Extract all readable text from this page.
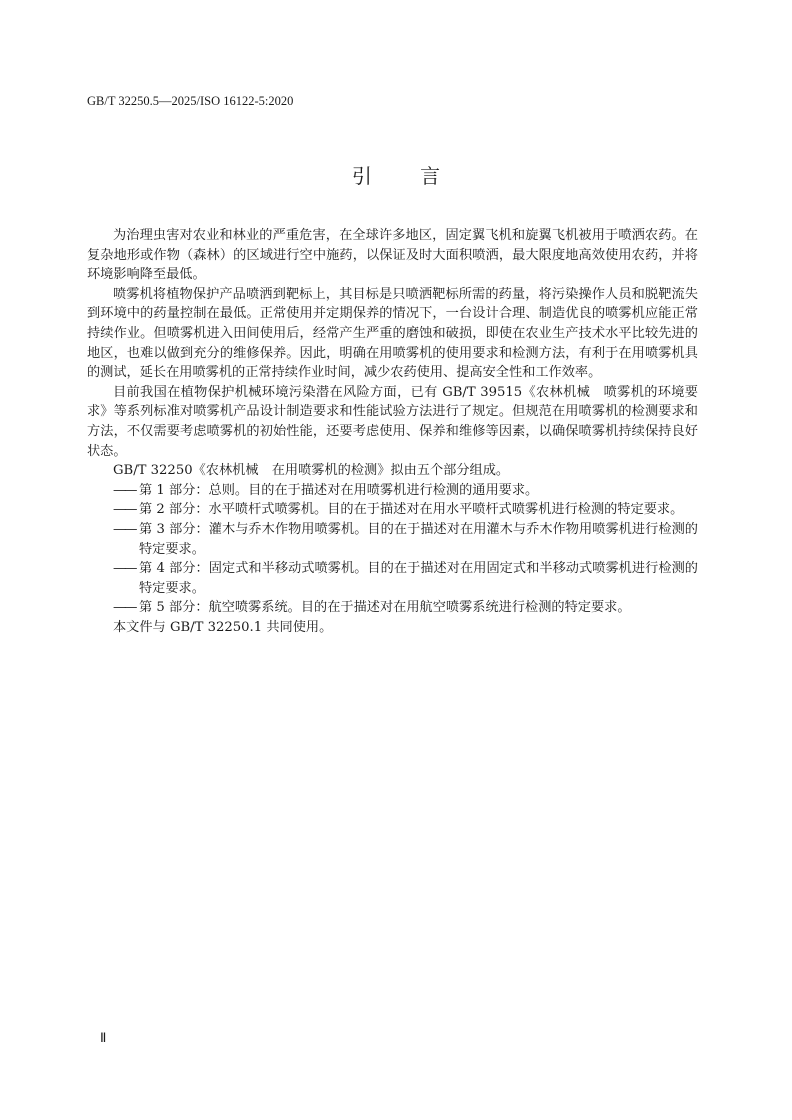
GB/T 32250.5—2025/ISO 16122-5:2020
引 言

为治理虫害对农业和林业的严重危害，在全球许多地区，固定翼飞机和旋翼飞机被用于喷洒农药。在复杂地形或作物（森林）的区域进行空中施药，以保证及时大面积喷洒，最大限度地高效使用农药，并将环境影响降至最低。

喷雾机将植物保护产品喷洒到靶标上，其目标是只喷洒靶标所需的药量，将污染操作人员和脱靶流失到环境中的药量控制在最低。正常使用并定期保养的情况下，一台设计合理、制造优良的喷雾机应能正常持续作业。但喷雾机进入田间使用后，经常产生严重的磨蚀和破损，即使在农业生产技术水平比较先进的地区，也难以做到充分的维修保养。因此，明确在用喷雾机的使用要求和检测方法，有利于在用喷雾机具的测试，延长在用喷雾机的正常持续作业时间，减少农药使用、提高安全性和工作效率。

目前我国在植物保护机械环境污染潜在风险方面，已有 GB/T 39515《农林机械　喷雾机的环境要求》等系列标准对喷雾机产品设计制造要求和性能试验方法进行了规定。但规范在用喷雾机的检测要求和方法，不仅需要考虑喷雾机的初始性能，还要考虑使用、保养和维修等因素，以确保喷雾机持续保持良好状态。

GB/T 32250《农林机械　在用喷雾机的检测》拟由五个部分组成。

—— 第 1 部分：总则。目的在于描述对在用喷雾机进行检测的通用要求。

—— 第 2 部分：水平喷杆式喷雾机。目的在于描述对在用水平喷杆式喷雾机进行检测的特定要求。

—— 第 3 部分：灌木与乔木作物用喷雾机。目的在于描述对在用灌木与乔木作物用喷雾机进行检测的特定要求。

—— 第 4 部分：固定式和半移动式喷雾机。目的在于描述对在用固定式和半移动式喷雾机进行检测的特定要求。

—— 第 5 部分：航空喷雾系统。目的在于描述对在用航空喷雾系统进行检测的特定要求。

本文件与 GB/T 32250.1 共同使用。

Ⅱ
